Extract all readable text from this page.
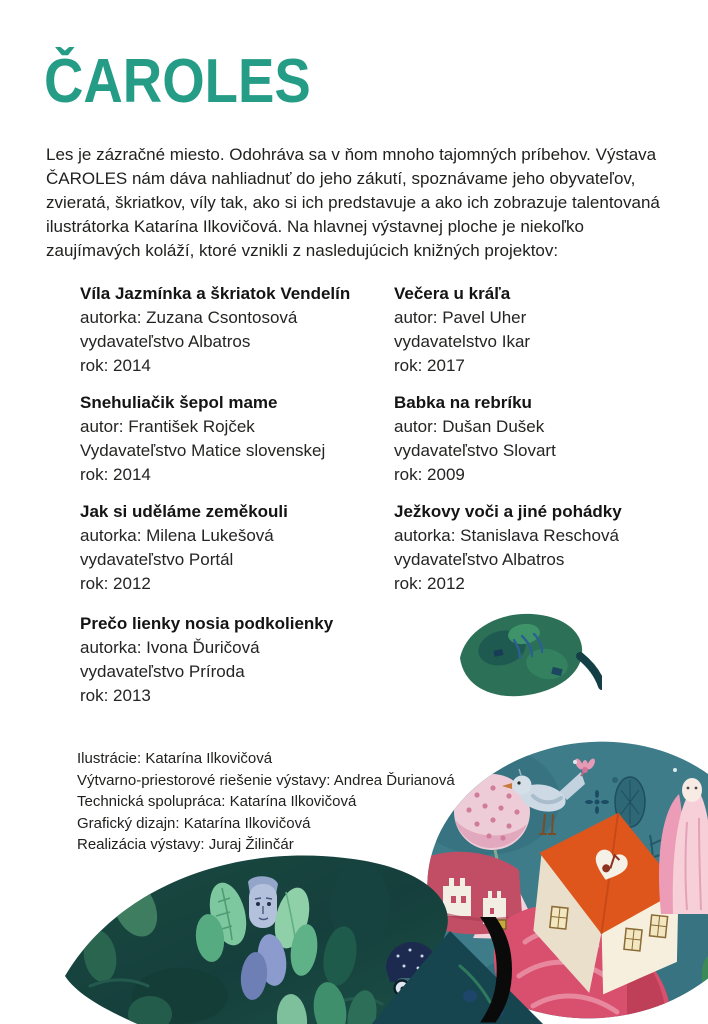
ČAROLES

Les je zázračné miesto. Odohráva sa v ňom mnoho tajomných príbehov. Výstava ČAROLES nám dáva nahliadnuť do jeho zákutí, spoznávame jeho obyvateľov, zvieratá, škriatkov, víly tak, ako si ich predstavuje a ako ich zobrazuje talentovaná ilustrátorka Katarína Ilkovičová. Na hlavnej výstavnej ploche je niekoľko zaujímavých koláží, ktoré vznikli z nasledujúcich knižných projektov:

Víla Jazmínka a škriatok Vendelín
autorka: Zuzana Csontosová
vydavateľstvo Albatros
rok: 2014
Večera u kráľa
autor: Pavel Uher
vydavatelstvo Ikar
rok: 2017
Snehuliačik šepol mame
autor: František Rojček
Vydavateľstvo Matice slovenskej
rok: 2014
Babka na rebríku
autor: Dušan Dušek
vydavateľstvo Slovart
rok: 2009
Jak si uděláme zeměkouli
autorka: Milena Lukešová
vydavateľstvo Portál
rok: 2012
Ježkovy voči a jiné pohádky
autorka: Stanislava Reschová
vydavateľstvo Albatros
rok: 2012
Prečo lienky nosia podkolienky
autorka: Ivona Ďuričová
vydavateľstvo Príroda
rok: 2013
Ilustrácie: Katarína Ilkovičová
Výtvarno-priestorové riešenie výstavy: Andrea Ďurianová
Technická spolupráca: Katarína Ilkovičová
Grafický dizajn: Katarína Ilkovičová
Realizácia výstavy: Juraj Žilinčár
)
